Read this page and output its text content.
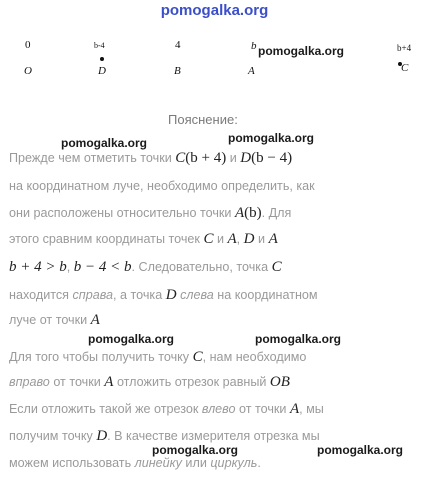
pomogalka.org
0	b-4	4	b	b+4
O	D	B	A	C
pomogalka.org
pomogalka.org	pomogalka.org
pomogalka.org	pomogalka.org
pomogalka.org	pomogalka.org
Пояснение:
Прежде чем отметить точки C(b + 4) и D(b − 4)
на координатном луче, необходимо определить, как
они расположены относительно точки A(b). Для
этого сравним координаты точек C и A, D и A
b + 4 > b, b − 4 < b. Следовательно, точка C
находится справа, а точка D слева на координатном
луче от точки A
Для того чтобы получить точку C, нам необходимо
вправо от точки A отложить отрезок равный OB
Если отложить такой же отрезок влево от точки A, мы
получим точку D. В качестве измерителя отрезка мы
можем использовать линейку или циркуль.
